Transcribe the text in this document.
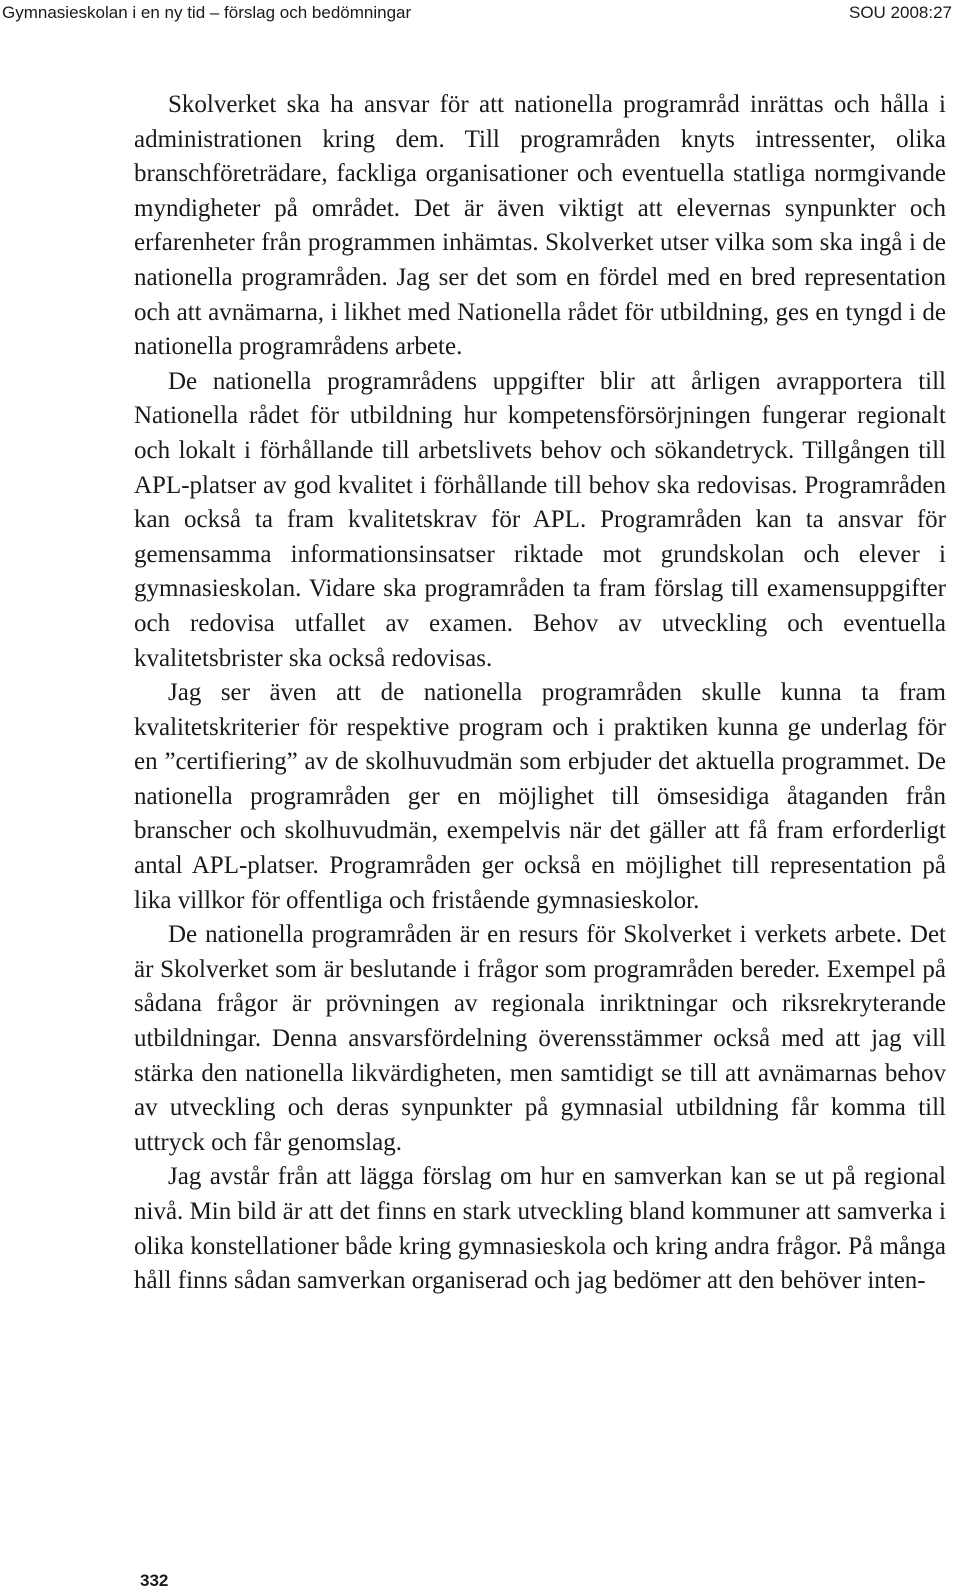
Gymnasieskolan i en ny tid – förslag och bedömningar	SOU 2008:27

Skolverket ska ha ansvar för att nationella programråd inrättas och hålla i administrationen kring dem. Till programråden knyts intressenter, olika branschföreträdare, fackliga organisationer och eventuella statliga normgivande myndigheter på området. Det är även viktigt att elevernas synpunkter och erfarenheter från programmen inhämtas. Skolverket utser vilka som ska ingå i de nationella programråden. Jag ser det som en fördel med en bred representation och att avnämarna, i likhet med Nationella rådet för utbildning, ges en tyngd i de nationella programrådens arbete.

De nationella programrådens uppgifter blir att årligen avrapportera till Nationella rådet för utbildning hur kompetensförsörjningen fungerar regionalt och lokalt i förhållande till arbetslivets behov och sökandetryck. Tillgången till APL-platser av god kvalitet i förhållande till behov ska redovisas. Programråden kan också ta fram kvalitetskrav för APL. Programråden kan ta ansvar för gemensamma informationsinsatser riktade mot grundskolan och elever i gymnasieskolan. Vidare ska programråden ta fram förslag till examensuppgifter och redovisa utfallet av examen. Behov av utveckling och eventuella kvalitetsbrister ska också redovisas.

Jag ser även att de nationella programråden skulle kunna ta fram kvalitetskriterier för respektive program och i praktiken kunna ge underlag för en ”certifiering” av de skolhuvudmän som erbjuder det aktuella programmet. De nationella programråden ger en möjlighet till ömsesidiga åtaganden från branscher och skolhuvudmän, exempelvis när det gäller att få fram erforderligt antal APL-platser. Programråden ger också en möjlighet till representation på lika villkor för offentliga och fristående gymnasieskolor.

De nationella programråden är en resurs för Skolverket i verkets arbete. Det är Skolverket som är beslutande i frågor som programråden bereder. Exempel på sådana frågor är prövningen av regionala inriktningar och riksrekryterande utbildningar. Denna ansvarsfördelning överensstämmer också med att jag vill stärka den nationella likvärdigheten, men samtidigt se till att avnämarnas behov av utveckling och deras synpunkter på gymnasial utbildning får komma till uttryck och får genomslag.

Jag avstår från att lägga förslag om hur en samverkan kan se ut på regional nivå. Min bild är att det finns en stark utveckling bland kommuner att samverka i olika konstellationer både kring gymnasieskola och kring andra frågor. På många håll finns sådan samverkan organiserad och jag bedömer att den behöver inten-

332
